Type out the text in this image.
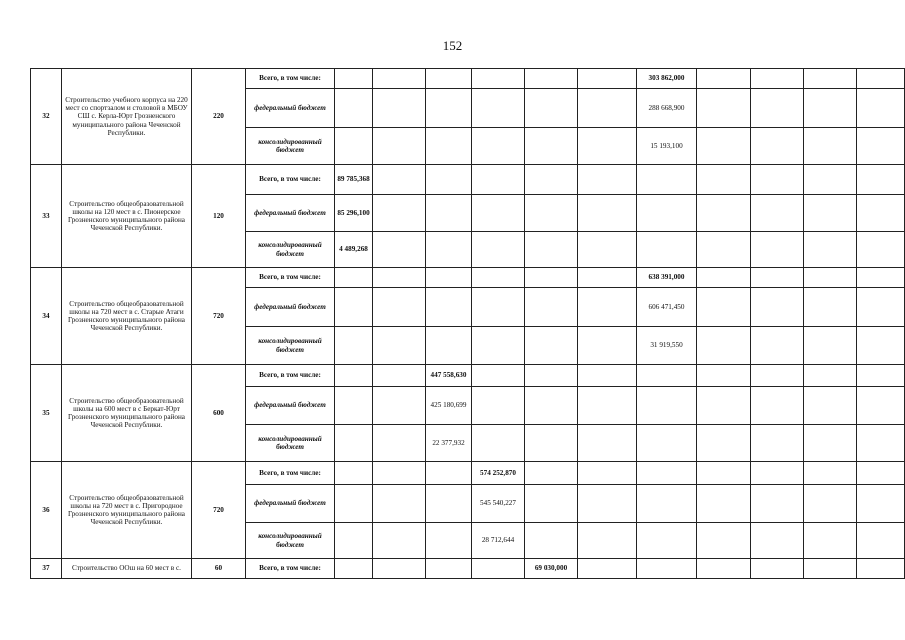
152
32	Строительство учебного корпуса на 220 мест со спортзалом и столовой в МБОУ СШ с. Керла-Юрт Грозненского муниципального района Чеченской Республики.	220	Всего, в том числе:							303 862,000				
			федеральный бюджет							288 668,900				
			консолидированный бюджет							15 193,100				
33	Строительство общеобразовательной школы на 120 мест в с. Пионерское Грозненского муниципального района Чеченской Республики.	120	Всего, в том числе:	89 785,368										
			федеральный бюджет	85 296,100										
			консолидированный бюджет	4 489,268										
34	Строительство общеобразовательной школы на 720 мест в с. Старые Атаги Грозненского муниципального района Чеченской Республики.	720	Всего, в том числе:							638 391,000				
			федеральный бюджет							606 471,450				
			консолидированный бюджет							31 919,550				
35	Строительство общеобразовательной школы на 600 мест в с Беркат-Юрт Грозненского муниципального района Чеченской Республики.	600	Всего, в том числе:			447 558,630								
			федеральный бюджет			425 180,699								
			консолидированный бюджет			22 377,932								
36	Строительство общеобразовательной школы на 720 мест в с. Пригородное Грозненского муниципального района Чеченской Республики.	720	Всего, в том числе:				574 252,870							
			федеральный бюджет				545 540,227							
			консолидированный бюджет				28 712,644							
37	Строительство ООш на 60 мест в с.	60	Всего, в том числе:					69 030,000						
